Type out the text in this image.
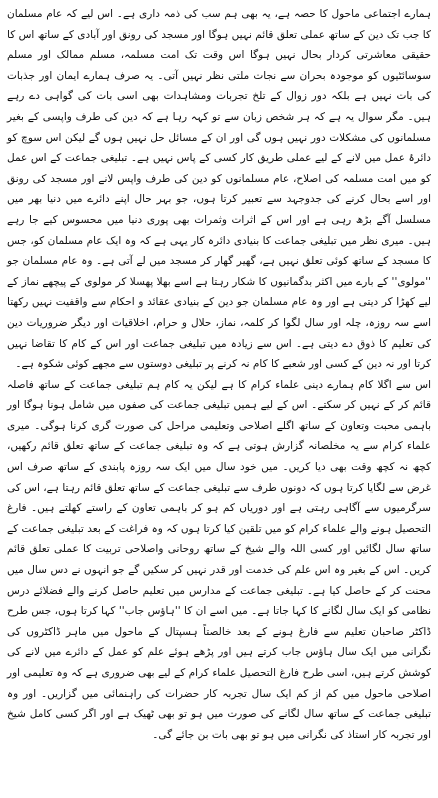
ہمارے اجتماعی ماحول کا حصہ ہے، یہ بھی ہم سب کی ذمہ داری ہے۔ اس لیے کہ عام مسلمان کا جب تک دین کے ساتھ عملی تعلق قائم نہیں ہوگا اور مسجد کی رونق اور آبادی کے ساتھ اس کا حقیقی معاشرتی کردار بحال نہیں ہوگا اس وقت تک امت مسلمہ، مسلم ممالک اور مسلم سوسائٹیوں کو موجودہ بحران سے نجات ملتی نظر نہیں آتی۔ یہ صرف ہمارے ایمان اور جذبات کی بات نہیں ہے بلکہ دور زوال کے تلخ تجربات ومشاہدات بھی اسی بات کی گواہی دے رہے ہیں۔ مگر سوال یہ ہے کہ ہر شخص زبان سے تو کہہ رہا ہے کہ دین کی طرف واپسی کے بغیر مسلمانوں کی مشکلات دور نہیں ہوں گی اور ان کے مسائل حل نہیں ہوں گے لیکن اس سوچ کو دائرۂ عمل میں لانے کے لیے عملی طریق کار کسی کے پاس نہیں ہے۔ تبلیغی جماعت کے اس عمل کو میں امت مسلمہ کی اصلاح، عام مسلمانوں کو دین کی طرف واپس لانے اور مسجد کی رونق اور اسے بحال کرنے کی جدوجہد سے تعبیر کرتا ہوں، جو بہر حال اپنے دائرے میں دنیا بھر میں مسلسل آگے بڑھ رہی ہے اور اس کے اثرات وثمرات بھی پوری دنیا میں محسوس کیے جا رہے ہیں۔ میری نظر میں تبلیغی جماعت کا بنیادی دائرہ کار یہی ہے کہ وہ ایک عام مسلمان کو، جس کا مسجد کے ساتھ کوئی تعلق نہیں ہے، گھیر گھار کر مسجد میں لے آتی ہے۔ وہ عام مسلمان جو ''مولوی'' کے بارے میں اکثر بدگمانیوں کا شکار رہتا ہے اسے بھلا پھسلا کر مولوی کے پیچھے نماز کے لیے کھڑا کر دیتی ہے اور وہ عام مسلمان جو دین کے بنیادی عقائد و احکام سے واقفیت نہیں رکھتا اسے سہ روزہ، چلہ اور سال لگوا کر کلمہ، نماز، حلال و حرام، اخلاقیات اور دیگر ضروریات دین کی تعلیم کا ذوق دے دیتی ہے۔ اس سے زیادہ میں تبلیغی جماعت اور اس کے کام کا تقاضا نہیں کرتا اور نہ دین کے کسی اور شعبے کا کام نہ کرنے پر تبلیغی دوستوں سے مجھے کوئی شکوہ ہے۔

اس سے اگلا کام ہمارے دینی علماء کرام کا ہے لیکن یہ کام ہم تبلیغی جماعت کے ساتھ فاصلہ قائم کر کے نہیں کر سکتے۔ اس کے لیے ہمیں تبلیغی جماعت کی صفوں میں شامل ہونا ہوگا اور باہمی محبت وتعاون کے ساتھ اگلے اصلاحی وتعلیمی مراحل کی صورت گری کرنا ہوگی۔ میری علماء کرام سے یہ مخلصانہ گزارش ہوتی ہے کہ وہ تبلیغی جماعت کے ساتھ تعلق قائم رکھیں، کچھ نہ کچھ وقت بھی دیا کریں۔ میں خود سال میں ایک سہ روزہ پابندی کے ساتھ صرف اس غرض سے لگایا کرتا ہوں کہ دونوں طرف سے تبلیغی جماعت کے ساتھ تعلق قائم رہتا ہے، اس کی سرگرمیوں سے آگاہی رہتی ہے اور دوریاں کم ہو کر باہمی تعاون کے راستے کھلتے ہیں۔ فارغ التحصیل ہونے والے علماء کرام کو میں تلقین کیا کرتا ہوں کہ وہ فراغت کے بعد تبلیغی جماعت کے ساتھ سال لگائیں اور کسی اللہ والے شیخ کے ساتھ روحانی واصلاحی تربیت کا عملی تعلق قائم کریں۔ اس کے بغیر وہ اس علم کی خدمت اور قدر نہیں کر سکیں گے جو انہوں نے دس سال میں محنت کر کے حاصل کیا ہے۔ تبلیغی جماعت کے مدارس میں تعلیم حاصل کرنے والے فضلائے درس نظامی کو ایک سال لگانے کا کہا جاتا ہے۔ میں اسے ان کا ''ہاؤس جاب'' کہا کرتا ہوں، جس طرح ڈاکٹر صاحبان تعلیم سے فارغ ہونے کے بعد خالصتاً ہسپتال کے ماحول میں ماہر ڈاکٹروں کی نگرانی میں ایک سال ہاؤس جاب کرتے ہیں اور پڑھے ہوئے علم کو عمل کے دائرے میں لانے کی کوشش کرتے ہیں، اسی طرح فارغ التحصیل علماء کرام کے لیے بھی ضروری ہے کہ وہ تعلیمی اور اصلاحی ماحول میں کم از کم ایک سال تجربہ کار حضرات کی راہنمائی میں گزاریں۔ اور وہ تبلیغی جماعت کے ساتھ سال لگانے کی صورت میں ہو تو بھی ٹھیک ہے اور اگر کسی کامل شیخ اور تجربہ کار استاذ کی نگرانی میں ہو تو بھی بات بن جائے گی۔
